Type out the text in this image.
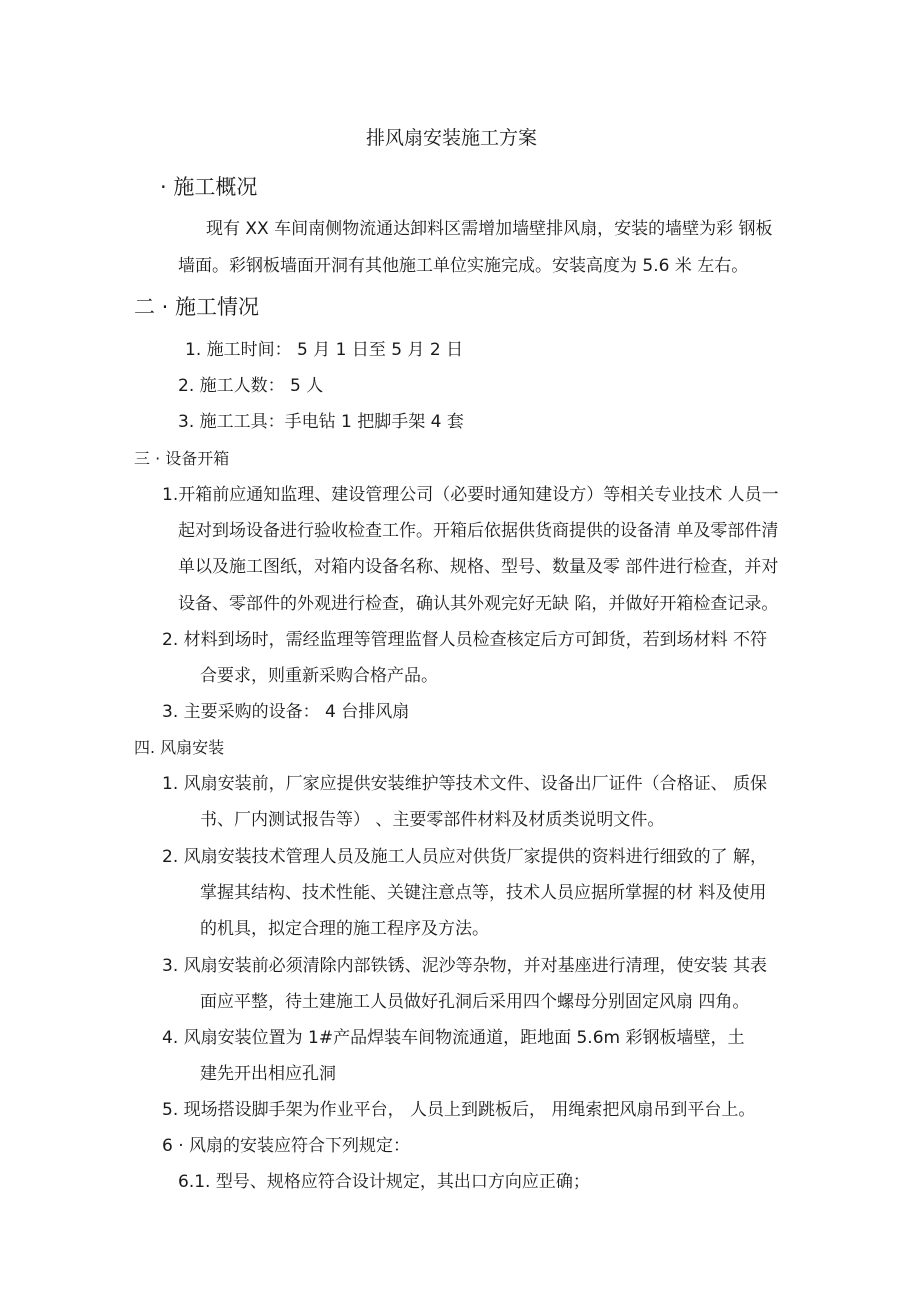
排风扇安装施工方案
· 施工概况
现有 XX 车间南侧物流通达卸料区需增加墙壁排风扇，安装的墙壁为彩 钢板
墙面。彩钢板墙面开洞有其他施工单位实施完成。安装高度为 5.6 米 左右。
二 · 施工情况
1. 施工时间： 5 月 1 日至 5 月 2 日
2. 施工人数： 5 人
3. 施工工具：手电钻 1 把脚手架 4 套
三 · 设备开箱
1.开箱前应通知监理、建设管理公司（必要时通知建设方）等相关专业技术 人员一
起对到场设备进行验收检查工作。开箱后依据供货商提供的设备清 单及零部件清
单以及施工图纸，对箱内设备名称、规格、型号、数量及零 部件进行检查，并对
设备、零部件的外观进行检查，确认其外观完好无缺 陷，并做好开箱检查记录。
2. 材料到场时，需经监理等管理监督人员检查核定后方可卸货，若到场材料 不符
合要求，则重新采购合格产品。
3. 主要采购的设备： 4 台排风扇
四. 风扇安装
1. 风扇安装前，厂家应提供安装维护等技术文件、设备出厂证件（合格证、 质保
书、厂内测试报告等） 、主要零部件材料及材质类说明文件。
2. 风扇安装技术管理人员及施工人员应对供货厂家提供的资料进行细致的了 解，
掌握其结构、技术性能、关键注意点等，技术人员应据所掌握的材 料及使用
的机具，拟定合理的施工程序及方法。
3. 风扇安装前必须清除内部铁锈、泥沙等杂物，并对基座进行清理，使安装 其表
面应平整，待土建施工人员做好孔洞后采用四个螺母分别固定风扇 四角。
4. 风扇安装位置为 1#产品焊装车间物流通道，距地面 5.6m 彩钢板墙壁，土
建先开出相应孔洞
5. 现场搭设脚手架为作业平台， 人员上到跳板后， 用绳索把风扇吊到平台上。
6 · 风扇的安装应符合下列规定：
6.1. 型号、规格应符合设计规定，其出口方向应正确；
